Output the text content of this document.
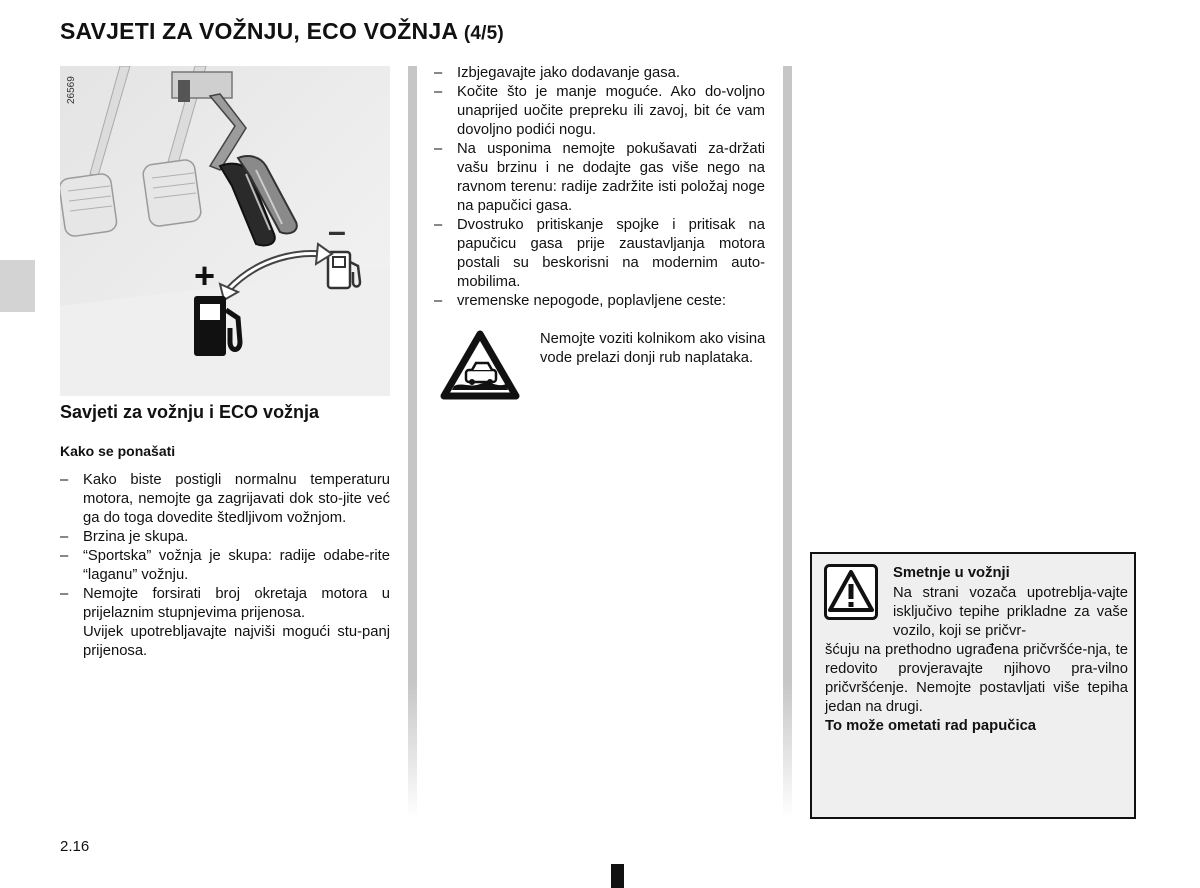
SAVJETI ZA VOŽNJU, ECO VOŽNJA (4/5)
–
+
26569
Savjeti za vožnju i ECO vožnja
Kako se ponašati
– Kako biste postigli normalnu temperaturu motora, nemojte ga zagrijavati dok sto-jite već ga do toga dovedite štedljivom vožnjom.
– Brzina je skupa.
– “Sportska” vožnja je skupa: radije odabe-rite “laganu” vožnju.
– Nemojte forsirati broj okretaja motora u prijelaznim stupnjevima prijenosa.
Uvijek upotrebljavajte najviši mogući stu-panj prijenosa.
– Izbjegavajte jako dodavanje gasa.
– Kočite što je manje moguće. Ako do-voljno unaprijed uočite prepreku ili zavoj, bit će vam dovoljno podići nogu.
– Na usponima nemojte pokušavati za-držati vašu brzinu i ne dodajte gas više nego na ravnom terenu: radije zadržite isti položaj noge na papučici gasa.
– Dvostruko pritiskanje spojke i pritisak na papučicu gasa prije zaustavljanja motora postali su beskorisni na modernim auto-mobilima.
– vremenske nepogode, poplavljene ceste:
Nemojte voziti kolnikom ako visina vode prelazi donji rub naplataka.
Smetnje u vožnji
Na strani vozača upotreblja-vajte isključivo tepihe prikladne za vaše vozilo, koji se pričvr-
šćuju na prethodno ugrađena pričvršće-nja, te redovito provjeravajte njihovo pra-vilno pričvršćenje. Nemojte postavljati više tepiha jedan na drugi.
To može ometati rad papučica
2.16
